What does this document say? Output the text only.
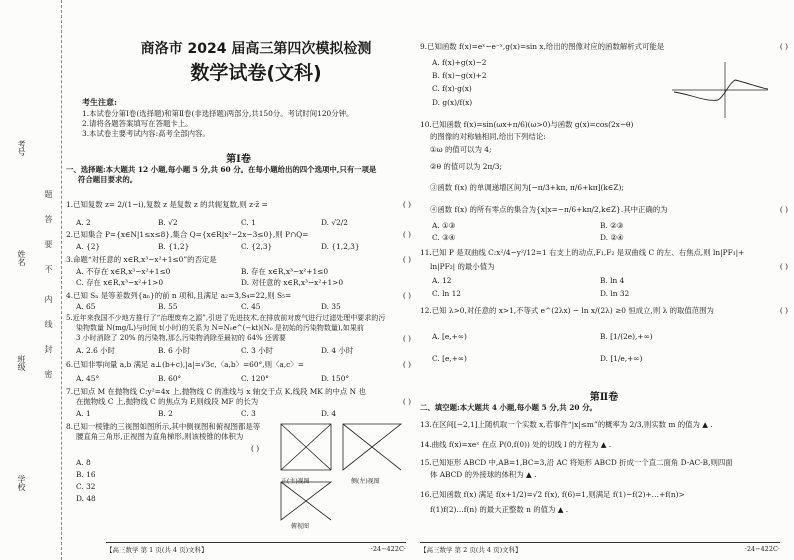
考号
姓名
班级
学校
题
答
要
不
内
线
封
密
商洛市 2024 届高三第四次模拟检测
数学试卷(文科)
考生注意:
1.本试卷分第Ⅰ卷(选择题)和第Ⅱ卷(非选择题)两部分,共150分。考试时间120分钟。
2.请将各题答案填写在答题卡上。
3.本试卷主要考试内容:高考全部内容。
第Ⅰ卷
一、选择题:本大题共 12 小题,每小题 5 分,共 60 分。在每小题给出的四个选项中,只有一项是
符合题目要求的。
1.已知复数 z= 2/(1−i),复数 z 是复数 z 的共轭复数,则 z·z̄ =	( )
A. 2	B. √2	C. 1	D. √2/2
2.已知集合 P={x∈N|1≤x≤8},集合 Q={x∈R|x²−2x−3≤0},则 P∩Q=	( )
A. {2}	B. {1,2}	C. {2,3}	D. {1,2,3}
3.命题“对任意的 x∈R,x³−x²+1≤0”的否定是	( )
A. 不存在 x∈R,x³−x²+1≤0	B. 存在 x∈R,x³−x²+1≤0
C. 存在 x∈R,x³−x²+1>0	D. 对任意的 x∈R,x³−x²+1>0
4.已知 Sₙ 是等差数列{aₙ}的前 n 项和,且满足 a₂=3,S₄=22,则 S₅=	( )
A. 65	B. 55	C. 45	D. 35
5.近年来我国不少地方推行了“治理废弃之源”,引进了先进技术,在排放前对废气进行过滤处理中要求的污
染物数量 N(mg/L)与时间 t(小时)的关系为 N=N₀e^(−kt)(N₀ 是初始的污染物数量),如果前
3 小时消除了 20% 的污染物,那么污染物消除至最初的 64% 还需要	( )
A. 2.6 小时	B. 6 小时	C. 3 小时	D. 4 小时
6.已知非零向量 a,b 满足 a⊥(b+c),|a|=√3c,〈a,b〉=60°,则〈a,c〉=	( )
A. 45°	B. 60°	C. 120°	D. 150°
7.已知点 M 在抛物线 C:y²=4x 上,抛物线 C 的准线与 x 轴交于点 K,线段 MK 的中点 N 也
在抛物线 C 上,抛物线 C 的焦点为 F,则线段 MF 的长为	( )
A. 1	B. 2	C. 3	D. 4
8.已知一棱锥的三视图如图所示,其中侧视图和俯视图都是等
腰直角三角形,正视图为直角梯形,则该棱锥的体积为
( )
A. 8
B. 16
C. 32
D. 48
正(主)视图	侧(左)视图
俯视图
【高三数学 第 1 页(共 4 页)文科】	·24−422C·
9.已知函数 f(x)=eˣ−e⁻ˣ,g(x)=sin x,给出的图像对应的函数解析式可能是	( )
A. f(x)+g(x)−2
B. f(x)−g(x)+2
C. f(x)·g(x)
D. g(x)/f(x)
10.已知函数 f(x)=sin(ωx+π/6)(ω>0)与函数 g(x)=cos(2x−θ)
的图像的对称轴相同,给出下列结论:
①ω 的值可以为 4;
②θ 的值可以为 2π/3;
③函数 f(x) 的单调递增区间为[−π/3+kπ, π/6+kπ](k∈Z);
④函数 f(x) 的所有零点的集合为{x|x=−π/6+kπ/2,k∈Z}.其中正确的为	( )
A. ①③	B. ②③
C. ③④	D. ②④
11.已知 P 是双曲线 C:x²/4−y²/12=1 右支上的动点,F₁,F₂ 是双曲线 C 的左、右焦点,则 ln|PF₁|+
ln|PF₂| 的最小值为	( )
A. 12	B. ln 4
C. ln 12	D. ln 32
12.已知 λ>0,对任意的 x>1,不等式 e^(2λx) − ln x/(2λ) ≥0 恒成立,则 λ 的取值范围为	( )
A. [e,+∞)	B. [1/(2e),+∞)
C. [e,+∞)	D. [1/e,+∞)
第Ⅱ卷
二、填空题:本大题共 4 小题,每小题 5 分,共 20 分。
13.在区间[−2,1]上随机取一个实数 x,若事件“|x|≤m”的概率为 2/3,则实数 m 的值为 ▲ .
14.曲线 f(x)=xeˣ 在点 P(0,f(0)) 处的切线 l 的方程为 ▲ .
15.已知矩形 ABCD 中,AB=1,BC=3,沿 AC 将矩形 ABCD 折成一个直二面角 D-AC-B,则四面
体 ABCD 的外接球的体积为 ▲ .
16.已知函数 f(x) 满足 f(x+1/2)=√2 f(x), f(6)=1,则满足 f(1)−f(2)+…+f(n)>
f(1)f(2)…f(n) 的最大正整数 n 的值为 ▲ .
【高三数学 第 2 页(共 4 页)文科】	·24−422C·
